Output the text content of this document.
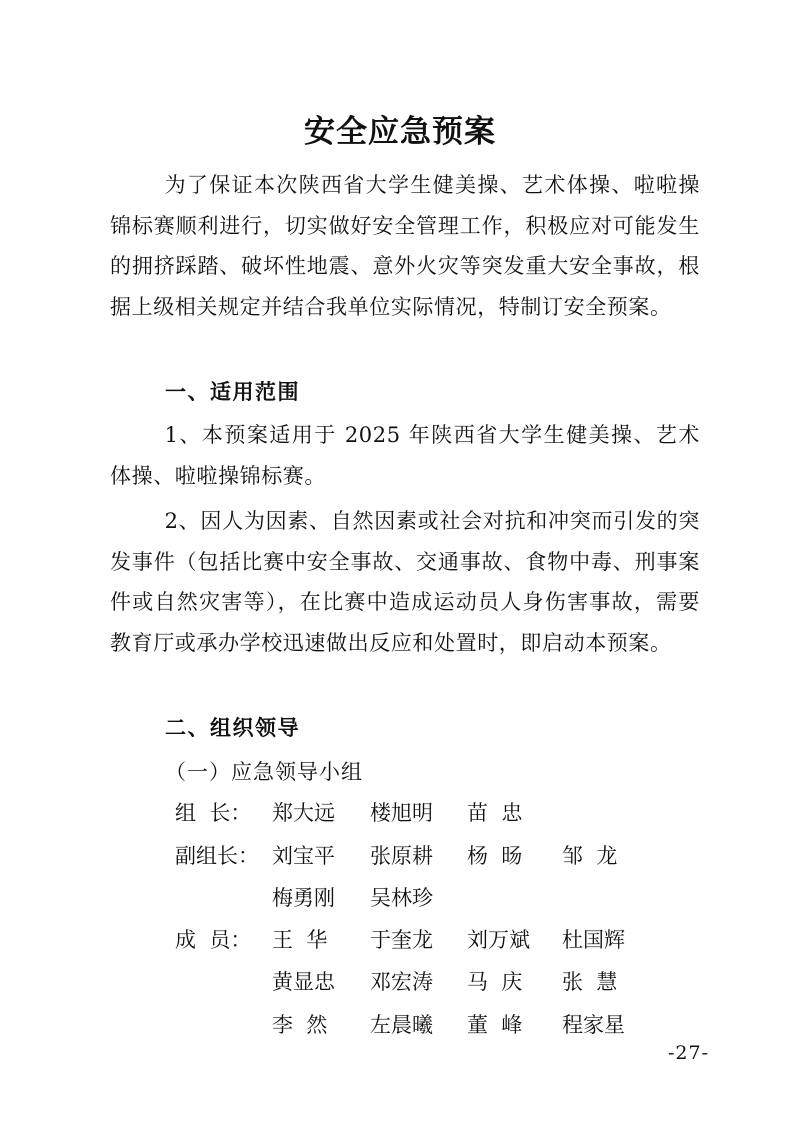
安全应急预案

为了保证本次陕西省大学生健美操、艺术体操、啦啦操锦标赛顺利进行，切实做好安全管理工作，积极应对可能发生的拥挤踩踏、破坏性地震、意外火灾等突发重大安全事故，根据上级相关规定并结合我单位实际情况，特制订安全预案。

一、适用范围

1、本预案适用于 2025 年陕西省大学生健美操、艺术体操、啦啦操锦标赛。

2、因人为因素、自然因素或社会对抗和冲突而引发的突发事件（包括比赛中安全事故、交通事故、食物中毒、刑事案件或自然灾害等），在比赛中造成运动员人身伤害事故，需要教育厅或承办学校迅速做出反应和处置时，即启动本预案。

二、组织领导
（一）应急领导小组
组  长： 郑大远 楼旭明 苗  忠
副组长： 刘宝平 张原耕 杨  旸 邹  龙
梅勇刚 吴林珍
成  员： 王  华 于奎龙 刘万斌 杜国辉
黄显忠 邓宏涛 马  庆 张  慧
李  然 左晨曦 董  峰 程家星
-27-
